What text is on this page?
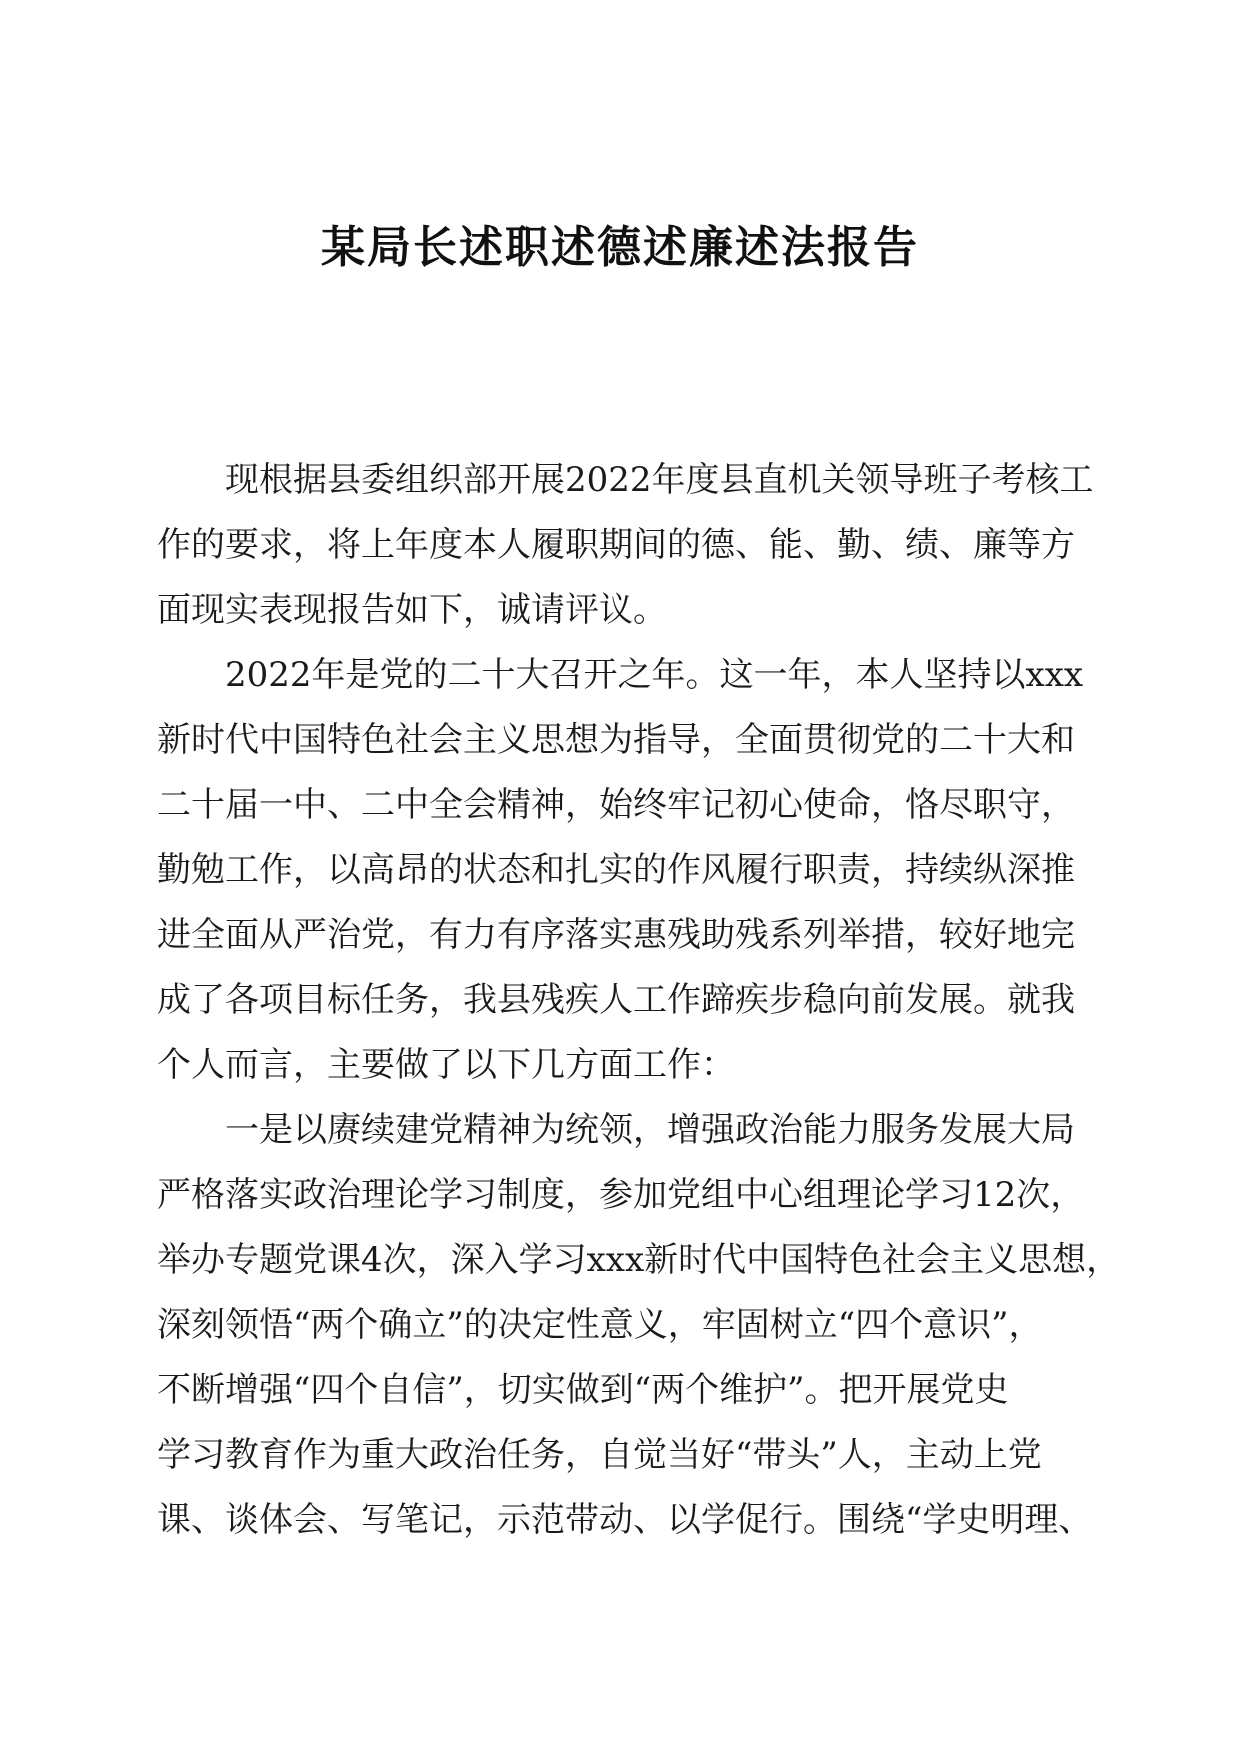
某局长述职述德述廉述法报告
　　现根据县委组织部开展2022年度县直机关领导班子考核工
作的要求，将上年度本人履职期间的德、能、勤、绩、廉等方
面现实表现报告如下，诚请评议。
　　2022年是党的二十大召开之年。这一年，本人坚持以xxx
新时代中国特色社会主义思想为指导，全面贯彻党的二十大和
二十届一中、二中全会精神，始终牢记初心使命，恪尽职守，
勤勉工作，以高昂的状态和扎实的作风履行职责，持续纵深推
进全面从严治党，有力有序落实惠残助残系列举措，较好地完
成了各项目标任务，我县残疾人工作蹄疾步稳向前发展。就我
个人而言，主要做了以下几方面工作：
　　一是以赓续建党精神为统领，增强政治能力服务发展大局
严格落实政治理论学习制度，参加党组中心组理论学习12次，
举办专题党课4次，深入学习xxx新时代中国特色社会主义思想，
深刻领悟“两个确立”的决定性意义，牢固树立“四个意识”，
不断增强“四个自信”，切实做到“两个维护”。把开展党史
学习教育作为重大政治任务，自觉当好“带头”人，主动上党
课、谈体会、写笔记，示范带动、以学促行。围绕“学史明理、
